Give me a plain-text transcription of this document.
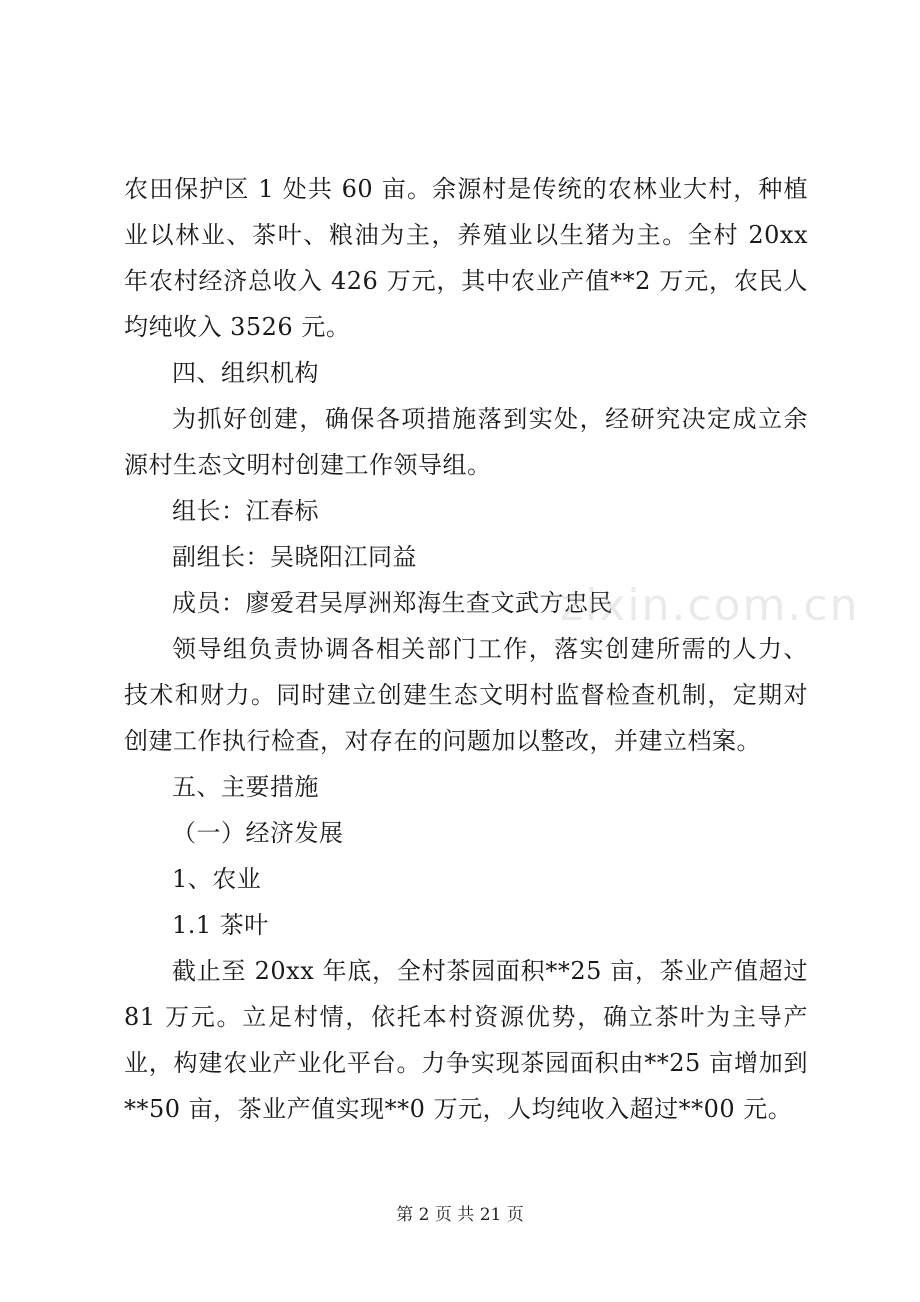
农田保护区 1 处共 60 亩。余源村是传统的农林业大村，种植业以林业、茶叶、粮油为主，养殖业以生猪为主。全村 20xx 年农村经济总收入 426 万元，其中农业产值**2 万元，农民人均纯收入 3526 元。

四、组织机构

为抓好创建，确保各项措施落到实处，经研究决定成立余源村生态文明村创建工作领导组。

组长：江春标

副组长：吴晓阳江同益

成员：廖爱君吴厚洲郑海生查文武方忠民

领导组负责协调各相关部门工作，落实创建所需的人力、技术和财力。同时建立创建生态文明村监督检查机制，定期对创建工作执行检查，对存在的问题加以整改，并建立档案。

五、主要措施

（一）经济发展

1、农业

1.1 茶叶

截止至 20xx 年底，全村茶园面积**25 亩，茶业产值超过 81 万元。立足村情，依托本村资源优势，确立茶叶为主导产业，构建农业产业化平台。力争实现茶园面积由**25 亩增加到**50 亩，茶业产值实现**0 万元，人均纯收入超过**00 元。

zixin.com.cn
第 2 页 共 21 页
